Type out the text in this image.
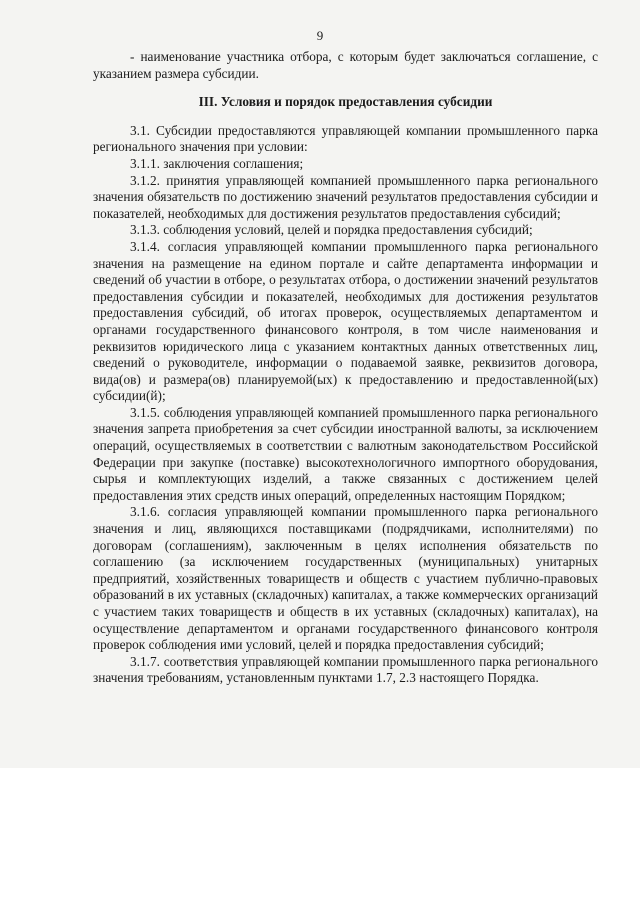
9

- наименование участника отбора, с которым будет заключаться соглашение, с указанием размера субсидии.

III. Условия и порядок предоставления субсидии

3.1. Субсидии предоставляются управляющей компании промышленного парка регионального значения при условии:

3.1.1. заключения соглашения;

3.1.2. принятия управляющей компанией промышленного парка регионального значения обязательств по достижению значений результатов предоставления субсидии и показателей, необходимых для достижения результатов предоставления субсидий;

3.1.3. соблюдения условий, целей и порядка предоставления субсидий;

3.1.4. согласия управляющей компании промышленного парка регионального значения на размещение на едином портале и сайте департамента информации и сведений об участии в отборе, о результатах отбора, о достижении значений результатов предоставления субсидии и показателей, необходимых для достижения результатов предоставления субсидий, об итогах проверок, осуществляемых департаментом и органами государственного финансового контроля, в том числе наименования и реквизитов юридического лица с указанием контактных данных ответственных лиц, сведений о руководителе, информации о подаваемой заявке, реквизитов договора, вида(ов) и размера(ов) планируемой(ых) к предоставлению и предоставленной(ых) субсидии(й);

3.1.5. соблюдения управляющей компанией промышленного парка регионального значения запрета приобретения за счет субсидии иностранной валюты, за исключением операций, осуществляемых в соответствии с валютным законодательством Российской Федерации при закупке (поставке) высокотехнологичного импортного оборудования, сырья и комплектующих изделий, а также связанных с достижением целей предоставления этих средств иных операций, определенных настоящим Порядком;

3.1.6. согласия управляющей компании промышленного парка регионального значения и лиц, являющихся поставщиками (подрядчиками, исполнителями) по договорам (соглашениям), заключенным в целях исполнения обязательств по соглашению (за исключением государственных (муниципальных) унитарных предприятий, хозяйственных товариществ и обществ с участием публично-правовых образований в их уставных (складочных) капиталах, а также коммерческих организаций с участием таких товариществ и обществ в их уставных (складочных) капиталах), на осуществление департаментом и органами государственного финансового контроля проверок соблюдения ими условий, целей и порядка предоставления субсидий;

3.1.7. соответствия управляющей компании промышленного парка регионального значения требованиям, установленным пунктами 1.7, 2.3 настоящего Порядка.
